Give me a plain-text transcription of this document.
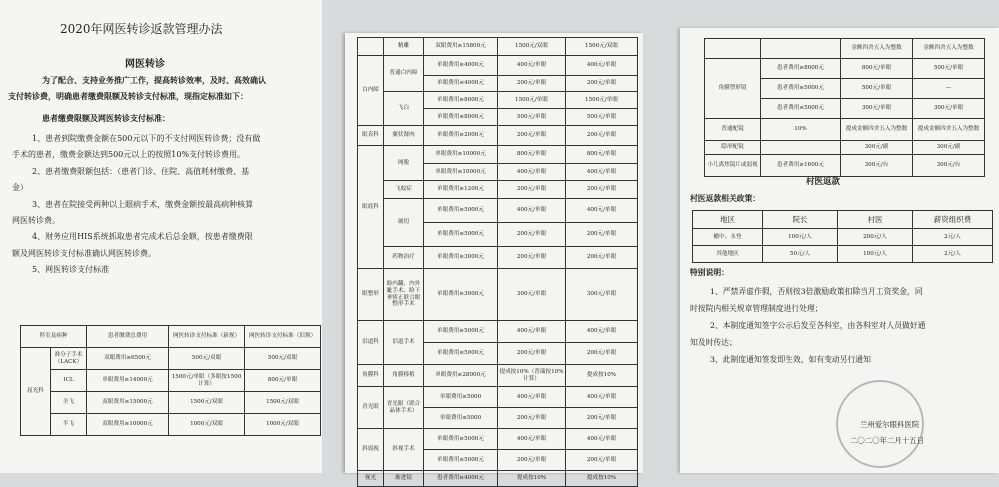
2020年网医转诊返款管理办法
网医转诊
为了配合、支持业务推广工作，提高转诊效率，及时、高效确认
支付转诊费，明确患者缴费限额及转诊支付标准，现指定标准如下：
患者缴费限额及网医转诊支付标准：
1、患者到院缴费金额在500元以下的不支付网医转诊费；没有做
手术的患者，缴费金额达到500元以上的按照10%支付转诊费用。
2、患者缴费限额包括：（患者门诊、住院、高值耗材缴费、基
金）
3、患者在院接受两种以上眼病手术，缴费金额按最高病种核算
网医转诊费。
4、财务应用HIS系统抓取患者完成术后总金额，按患者缴费限
额及网医转诊支付标准确认网医转诊费。
5、网医转诊支付标准
科室及病种		患者缴费总费用	网医转诊支付标准（新规）	网医转诊支付标准（旧规）
屈光科	准分子手术（LACK）	双眼费用≥6500元	500元/双眼	500元/双眼
	ICL	单眼费用≥14000元	1500元/单眼（多眼按1500计算）	800元/单眼
	全飞	双眼费用≥15000元	1500元/双眼	1500元/双眼
	半飞	双眼费用≥10000元	1000元/双眼	1000元/双眼
	精雕	双眼费用≥15800元	1500元/双眼	1500元/双眼
白内障	普通白内障	单眼费用≥4000元	400元/单眼	400元/单眼
		单眼费用≤4000元	200元/单眼	200元/单眼
	飞白	单眼费用≥8000元	1500元/单眼	1500元/单眼
		单眼费用≤8000元	500元/单眼	500元/单眼
眼表科	翼状胬肉	单眼费用≥2000元	200元/单眼	200元/单眼
眼底科	网脱	单眼费用≥10000元	800元/单眼	800元/单眼
		单眼费用≤10000元	400元/单眼	400元/单眼
	飞蚊症	单眼费用≥1200元	200元/单眼	200元/单眼
	玻切	单眼费用≥5000元	400元/单眼	400元/单眼
		单眼费用≤5000元	200元/单眼	200元/单眼
	药物治疗	单眼费用≥3000元	200元/单眼	200元/单眼
眼整形	睑内翻、内外眦手术、睑下垂矫正联合眼整形手术	单眼费用≥3000元	300元/单眼	300元/单眼
泪道科	泪道手术	单眼费用≥5000元	400元/单眼	400元/单眼
		单眼费用≤5000元	200元/单眼	200元/单眼
角膜科	角膜移植	单眼费用≥28000元	提成按10%（普瑞按10%计算）	提成按10%
青光眼	青光眼（联合晶体手术）	单眼费用≥5000	400元/单眼	400元/单眼
		单眼费用≤5000	200元/单眼	200元/单眼
斜弱视	斜视手术	单眼费用≥5000元	400元/单眼	400元/单眼
		单眼费用≤5000元	200元/单眼	200元/单眼
视光	渐进镜	患者费用≥4000元	提成按10%	提成按10%
		金额四舍五入为整数	金额四舍五入为整数
角膜塑形镜	患者费用≥8000元	800元/单眼	500元/单眼
	患者费用≥5000元	500元/单眼	—
	患者费用≤5000元	300元/单眼	300元/单眼
普通配镜	10%	提成金额四舍五入为整数	提成金额四舍五入为整数
隐形配镜		300元/副	300元/副
小儿离焦镜片或弱视	患者费用≥1600元	300元/台	300元/台
村医返款
村医返款相关政策：
地区	院长	村医	薪资组织费
榆中、永登	100元/人	200元/人	2元/人
其他地区	50元/人	100元/人	2元/人
特别说明：
1、严禁弄虚作假，否则按3倍激励政策扣除当月工资奖金，同
时按院内相关规章管理制度进行处理；
2、本制度通知签字公示后发至各科室，由各科室对人员做好通
知及时传达；
3、此制度通知签发即生效，如有变动另行通知
兰州爱尔眼科医院
二〇二〇年二月十五日
